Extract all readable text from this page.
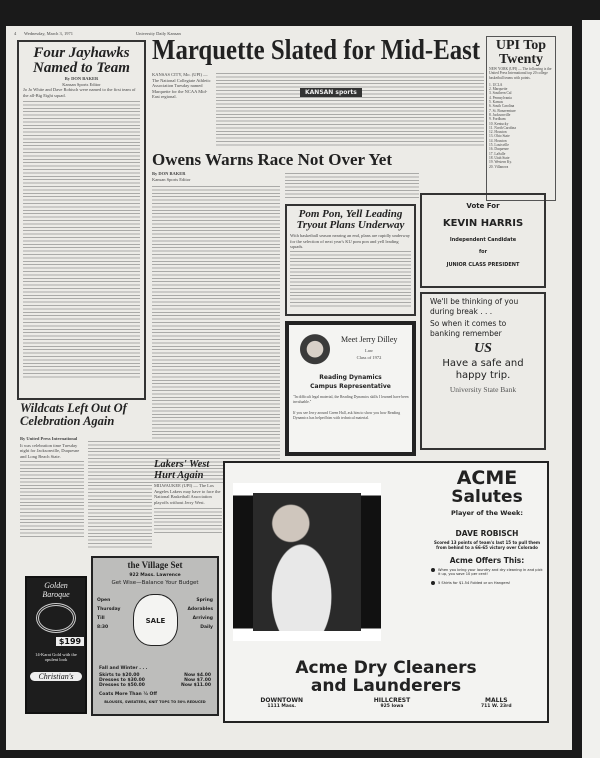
4 Wednesday, March 3, 1971	University Daily Kansan
Four Jayhawks Named to Team
By DON BAKER
Kansan Sports Editor
Jo Jo White and Dave Robisch were named to the first team of the all-Big Eight squad.
Marquette Slated for Mid-East
KANSAS CITY, Mo. (UPI) — The National Collegiate Athletic Association Tuesday named Marquette for the NCAA Mid-East regional.
KANSAN sports
UPI Top Twenty
NEW YORK (UPI) — The following is the United Press International top 20 college basketball teams with points.
1. UCLA
2. Marquette
3. Southern Cal
4. Pennsylvania
5. Kansas
6. South Carolina
7. St. Bonaventure
8. Jacksonville
9. Fordham
10. Kentucky
11. North Carolina
12. Houston
13. Ohio State
14. Houston
15. Louisville
16. Duquesne
17. LaSalle
18. Utah State
19. Western Ky.
20. Villanova
Owens Warns Race Not Over Yet
By DON BAKER
Kansan Sports Editor
Pom Pon, Yell Leading Tryout Plans Underway
With basketball season nearing an end, plans are rapidly underway for the selection of next year's KU pom pon and yell leading squads.
Meet Jerry Dilley
Law
Class of 1972
Reading Dynamics
Campus Representative
"In difficult legal material, the Reading Dynamics skills I learned have been invaluable."
If you see Jerry around Green Hall, ask him to show you how Reading Dynamics has helped him with technical material.
Vote For
KEVIN HARRIS
Independent Candidate
for
JUNIOR CLASS PRESIDENT
We'll be thinking of you during break . . .
So when it comes to banking remember
US
Have a safe and happy trip.
University State Bank
Wildcats Left Out Of Celebration Again
By United Press International
It was celebration time Tuesday night for Jacksonville, Duquesne and Long Beach State.
Lakers' West Hurt Again
MILWAUKEE (UPI) — The Los Angeles Lakers may have to face the National Basketball Association playoffs without Jerry West.
Golden Baroque
$199
14-Karat Gold with the opulent look
Christian's
the Village Set
922 Mass. Lawrence
Get Wise—Balance Your Budget
Open
Thursday
Till
8:30
Spring
Adorables
Arriving
Daily
SALE
Fall and Winter . . .
Skirts to $20.00	Now $4.00
Dresses to $30.00	Now $7.00
Dresses to $50.00	Now $11.00
Coats More Than ½ Off
BLOUSES, SWEATERS, KNIT TOPS TO 50% REDUCED
ACME
Salutes
Player of the Week:
DAVE ROBISCH
Scored 13 points of team's last 15 to pull them from behind to a 66-65 victory over Colorado
Acme Offers This:
When you bring your laundry and dry cleaning in and pick it up, you save 10 per cent!
5 Shirts for $1.54 Folded or on Hangers!
Acme Dry Cleaners
and Launderers
DOWNTOWN
1111 Mass.
HILLCREST
925 Iowa
MALLS
711 W. 23rd
